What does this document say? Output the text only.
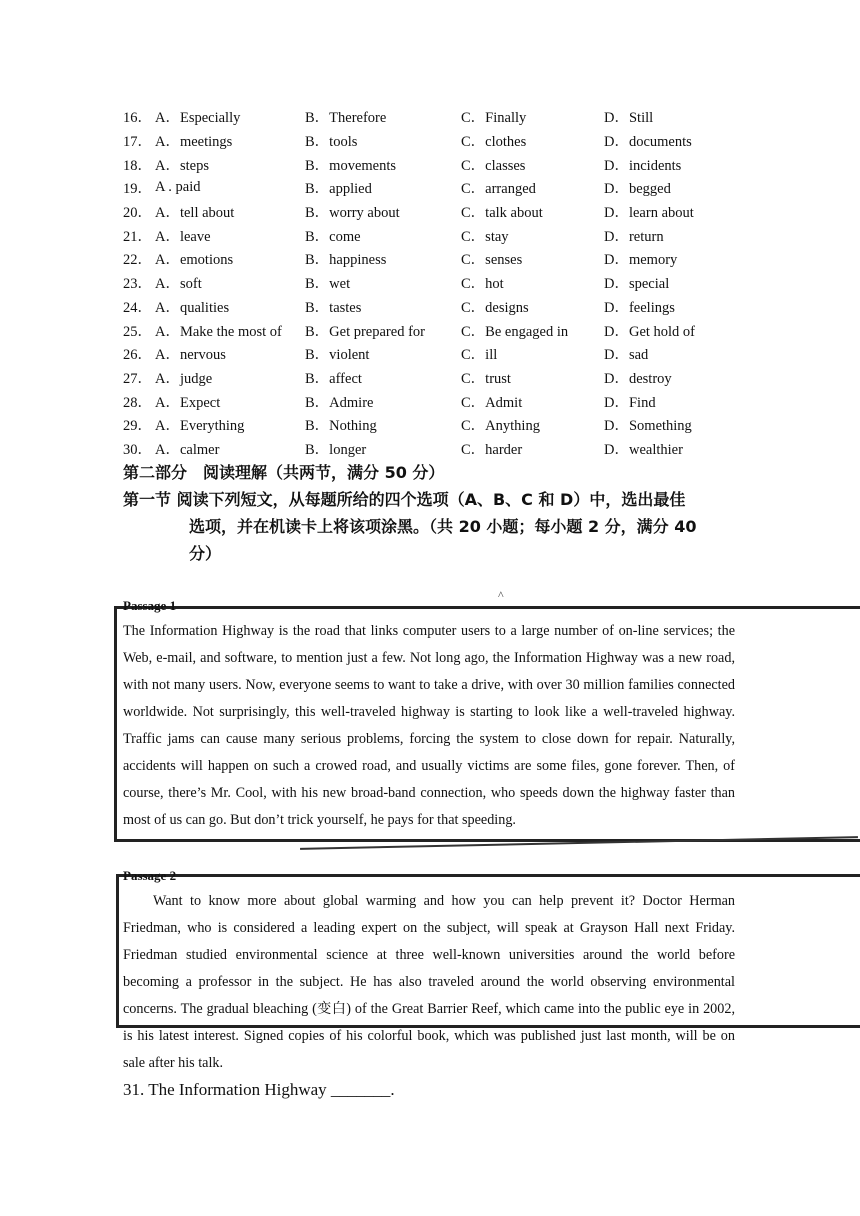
16． A．Especially	B．Therefore	C．Finally	D．Still
17． A．meetings	B．tools	C．clothes	D．documents
18． A．steps	B．movements	C．classes	D．incidents
19． A . paid	B．applied	C．arranged	D．begged
20． A．tell about	B．worry about	C．talk about	D．learn about
21． A．leave	B．come	C．stay	D．return
22． A．emotions	B．happiness	C．senses	D．memory
23． A．soft	B．wet	C．hot	D．special
24． A．qualities	B．tastes	C．designs	D．feelings
25． A．Make the most of	B．Get prepared for	C．Be engaged in	D．Get hold of
26． A．nervous	B．violent	C．ill	D．sad
27． A．judge	B．affect	C．trust	D．destroy
28． A．Expect	B．Admire	C．Admit	D．Find
29． A．Everything	B．Nothing	C．Anything	D．Something
30． A．calmer	B．longer	C．harder	D．wealthier
第二部分　阅读理解（共两节，满分 50 分）
第一节 阅读下列短文，从每题所给的四个选项（A、B、C 和 D）中，选出最佳
选项，并在机读卡上将该项涂黑。（共 20 小题；每小题 2 分，满分 40
分）
^
Passage 1
The Information Highway is the road that links computer users to a large number of on-line services; the Web, e-mail, and software, to mention just a few. Not long ago, the Information Highway was a new road, with not many users. Now, everyone seems to want to take a drive, with over 30 million families connected worldwide. Not surprisingly, this well-traveled highway is starting to look like a well-traveled highway. Traffic jams can cause many serious problems, forcing the system to close down for repair. Naturally, accidents will happen on such a crowed road, and usually victims are some files, gone forever. Then, of course, there’s Mr. Cool, with his new broad-band connection, who speeds down the highway faster than most of us can go. But don’t trick yourself, he pays for that speeding.
Passage 2
Want to know more about global warming and how you can help prevent it? Doctor Herman Friedman, who is considered a leading expert on the subject, will speak at Grayson Hall next Friday. Friedman studied environmental science at three well-known universities around the world before becoming a professor in the subject. He has also traveled around the world observing environmental concerns. The gradual bleaching (变白) of the Great Barrier Reef, which came into the public eye in 2002, is his latest interest. Signed copies of his colorful book, which was published just last month, will be on sale after his talk.
31. The Information Highway _______.
